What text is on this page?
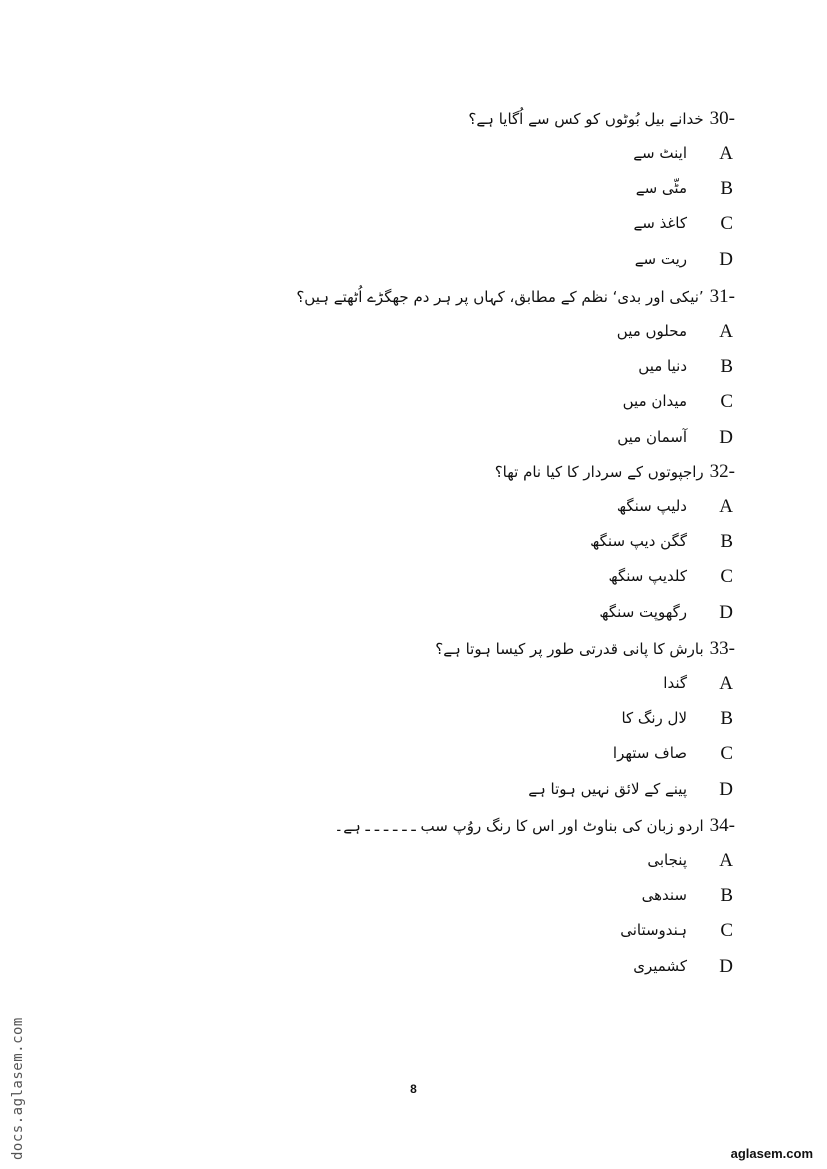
30-
خدانے بیل بُوٹوں کو کس سے اُگایا ہے؟
A
اینٹ سے
B
مٹّی سے
C
کاغذ سے
D
ریت سے
31-
’نیکی اور بدی‘ نظم کے مطابق، کہاں پر ہر دم جھگڑے اُٹھتے ہیں؟
A
محلوں میں
B
دنیا میں
C
میدان میں
D
آسمان میں
32-
راجپوتوں کے سردار کا کیا نام تھا؟
A
دلیپ سنگھ
B
گگن دیپ سنگھ
C
کلدیپ سنگھ
D
رگھوپت سنگھ
33-
بارش کا پانی قدرتی طور پر کیسا ہوتا ہے؟
A
گندا
B
لال رنگ کا
C
صاف ستھرا
D
پینے کے لائق نہیں ہوتا ہے
34-
اردو زبان کی بناوٹ اور اس کا رنگ روُپ سب ـ ـ ـ ـ ـ ـ ہے۔
A
پنجابی
B
سندھی
C
ہندوستانی
D
کشمیری
8
docs.aglasem.com	aglasem.com
